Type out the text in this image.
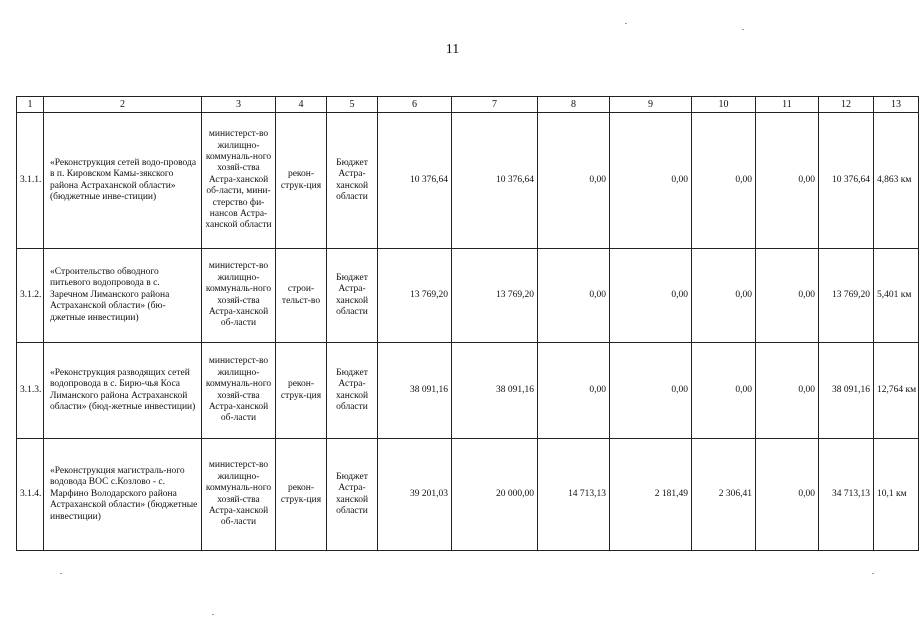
11
1	2	3	4	5	6	7	8	9	10	11	12	13
3.1.1.	«Реконструкция сетей водо-провода в п. Кировском Камы-зякского района Астраханской области» (бюджетные инве-стиции)	министерст-во жилищно-коммуналь-ного хозяй-ства Астра-ханской об-ласти, мини-стерство фи-нансов Астра-ханской области	рекон-струк-ция	Бюджет Астра-ханской области	10 376,64	10 376,64	0,00	0,00	0,00	0,00	10 376,64	4,863 км
3.1.2.	«Строительство обводного питьевого водопровода в с. Заречном Лиманского района Астраханской области» (бю-джетные инвестиции)	министерст-во жилищно-коммуналь-ного хозяй-ства Астра-ханской об-ласти	строи-тельст-во	Бюджет Астра-ханской области	13 769,20	13 769,20	0,00	0,00	0,00	0,00	13 769,20	5,401 км
3.1.3.	«Реконструкция разводящих сетей водопровода в с. Бирю-чья Коса Лиманского района Астраханской области» (бюд-жетные инвестиции)	министерст-во жилищно-коммуналь-ного хозяй-ства Астра-ханской об-ласти	рекон-струк-ция	Бюджет Астра-ханской области	38 091,16	38 091,16	0,00	0,00	0,00	0,00	38 091,16	12,764 км
3.1.4.	«Реконструкция магистраль-ного водовода ВОС с.Козлово - с. Марфино Володарского района Астраханской области» (бюджетные инвестиции)	министерст-во жилищно-коммуналь-ного хозяй-ства Астра-ханской об-ласти	рекон-струк-ция	Бюджет Астра-ханской области	39 201,03	20 000,00	14 713,13	2 181,49	2 306,41	0,00	34 713,13	10,1 км
